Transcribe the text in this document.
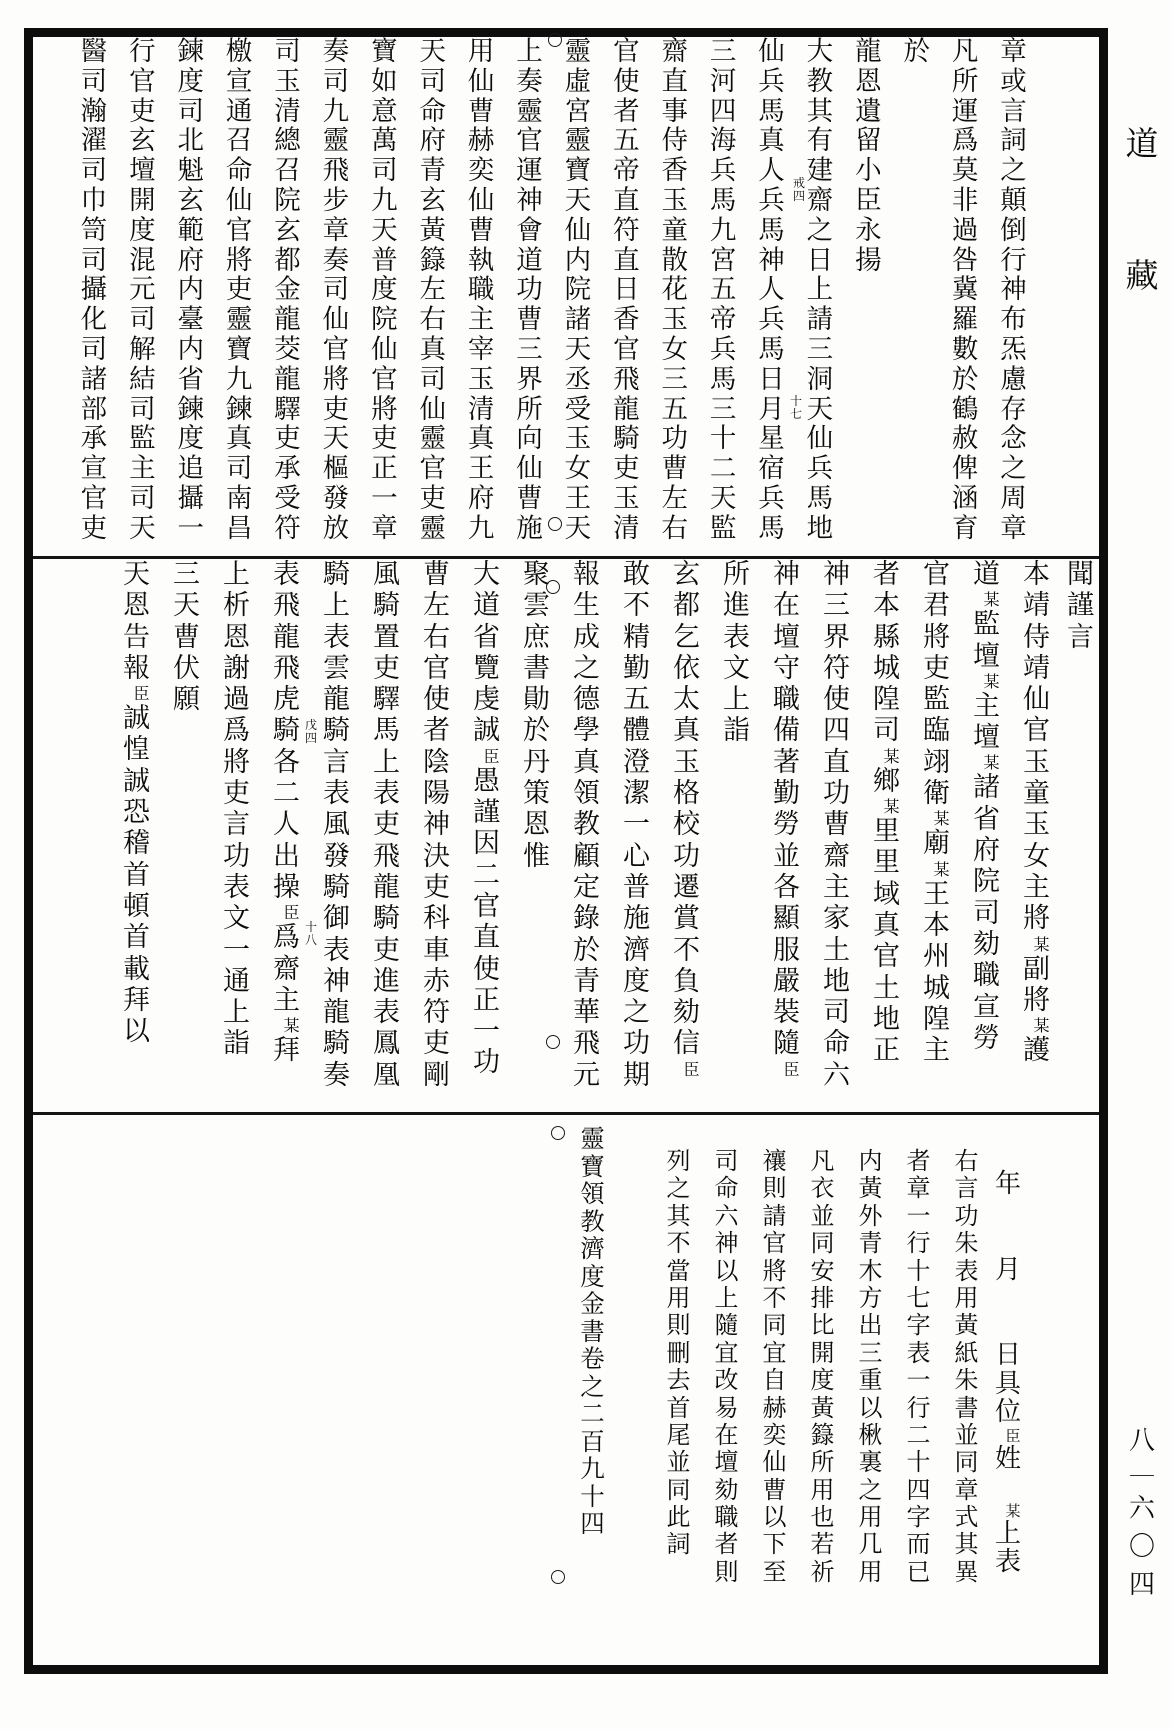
章
或
言
詞
之
顛
倒
行
神
布
炁
慮
存
念
之
周
章
凡
所
運
爲
莫
非
過
咎
冀
羅
數
於
鶴
赦
俾
涵
育
於
龍
恩
遺
留
小
臣
永
揚
大
教
其
有
建
齋
之
日
上
請
三
洞
天
仙
兵
馬
地
仙
兵
馬
真
人
兵
馬
神
人
兵
馬
日
月
星
宿
兵
馬
三
河
四
海
兵
馬
九
宮
五
帝
兵
馬
三
十
二
天
監
齋
直
事
侍
香
玉
童
散
花
玉
女
三
五
功
曹
左
右
官
使
者
五
帝
直
符
直
日
香
官
飛
龍
騎
吏
玉
清
靈
虛
宮
靈
寶
天
仙
内
院
諸
天
丞
受
玉
女
王
天
上
奏
靈
官
運
神
會
道
功
曹
三
界
所
向
仙
曹
施
用
仙
曹
赫
奕
仙
曹
執
職
主
宰
玉
清
真
王
府
九
天
司
命
府
青
玄
黃
籙
左
右
真
司
仙
靈
官
吏
靈
寶
如
意
萬
司
九
天
普
度
院
仙
官
將
吏
正
一
章
奏
司
九
靈
飛
步
章
奏
司
仙
官
將
吏
天
樞
發
放
司
玉
清
總
召
院
玄
都
金
龍
茭
龍
驛
吏
承
受
符
檄
宣
通
召
命
仙
官
將
吏
靈
寶
九
鍊
真
司
南
昌
鍊
度
司
北
魁
玄
範
府
内
臺
内
省
鍊
度
追
攝
一
行
官
吏
玄
壇
開
度
混
元
司
解
結
司
監
主
司
天
醫
司
瀚
濯
司
巾
笥
司
攝
化
司
諸
部
承
宣
官
吏
戒
四
十
七
本
靖
侍
靖
仙
官
玉
童
玉
女
主
將
某
副
將
某
護
道
某
監
壇
某
主
壇
某
諸
省
府
院
司
劾
職
宣
勞
官
君
將
吏
監
臨
翊
衛
某
廟
某
王
本
州
城
隍
主
者
本
縣
城
隍
司
某
鄉
某
里
里
域
真
官
土
地
正
神
三
界
符
使
四
直
功
曹
齋
主
家
土
地
司
命
六
神
在
壇
守
職
備
著
勤
勞
並
各
顯
服
嚴
裝
隨
臣
所
進
表
文
上
詣
玄
都
乞
依
太
真
玉
格
校
功
遷
賞
不
負
劾
信
臣
敢
不
精
勤
五
體
澄
潔
一
心
普
施
濟
度
之
功
期
報
生
成
之
德
學
真
領
教
顧
定
錄
於
青
華
飛
元
聚
雲
庶
書
勛
於
丹
策
恩
惟
大
道
省
覽
虔
誠
臣
愚
謹
因
二
官
直
使
正
一
功
曹
左
右
官
使
者
陰
陽
神
決
吏
科
車
赤
符
吏
剛
風
騎
置
吏
驛
馬
上
表
吏
飛
龍
騎
吏
進
表
鳳
凰
騎
上
表
雲
龍
騎
言
表
風
發
騎
御
表
神
龍
騎
奏
表
飛
龍
飛
虎
騎
各
二
人
出
操
臣
爲
齋
主
某
拜
上
析
恩
謝
過
爲
將
吏
言
功
表
文
一
通
上
詣
三
天
曹
伏
願
天
恩
告
報
臣
誠
惶
誠
恐
稽
首
頓
首
載
拜
以
聞
謹
言
戊
四
十
八
年
月
日
具
位
臣
姓
某
上
表
右
言
功
朱
表
用
黃
紙
朱
書
並
同
章
式
其
異
者
章
一
行
十
七
字
表
一
行
二
十
四
字
而
已
内
黃
外
青
木
方
出
三
重
以
楸
裏
之
用
几
用
凡
衣
並
同
安
排
比
開
度
黃
籙
所
用
也
若
祈
禳
則
請
官
將
不
同
宜
自
赫
奕
仙
曹
以
下
至
司
命
六
神
以
上
隨
宜
改
易
在
壇
劾
職
者
則
列
之
其
不
當
用
則
刪
去
首
尾
並
同
此
詞
靈
寶
領
教
濟
度
金
書
卷
之
二
百
九
十
四
道
藏
八
—
六
〇
四
